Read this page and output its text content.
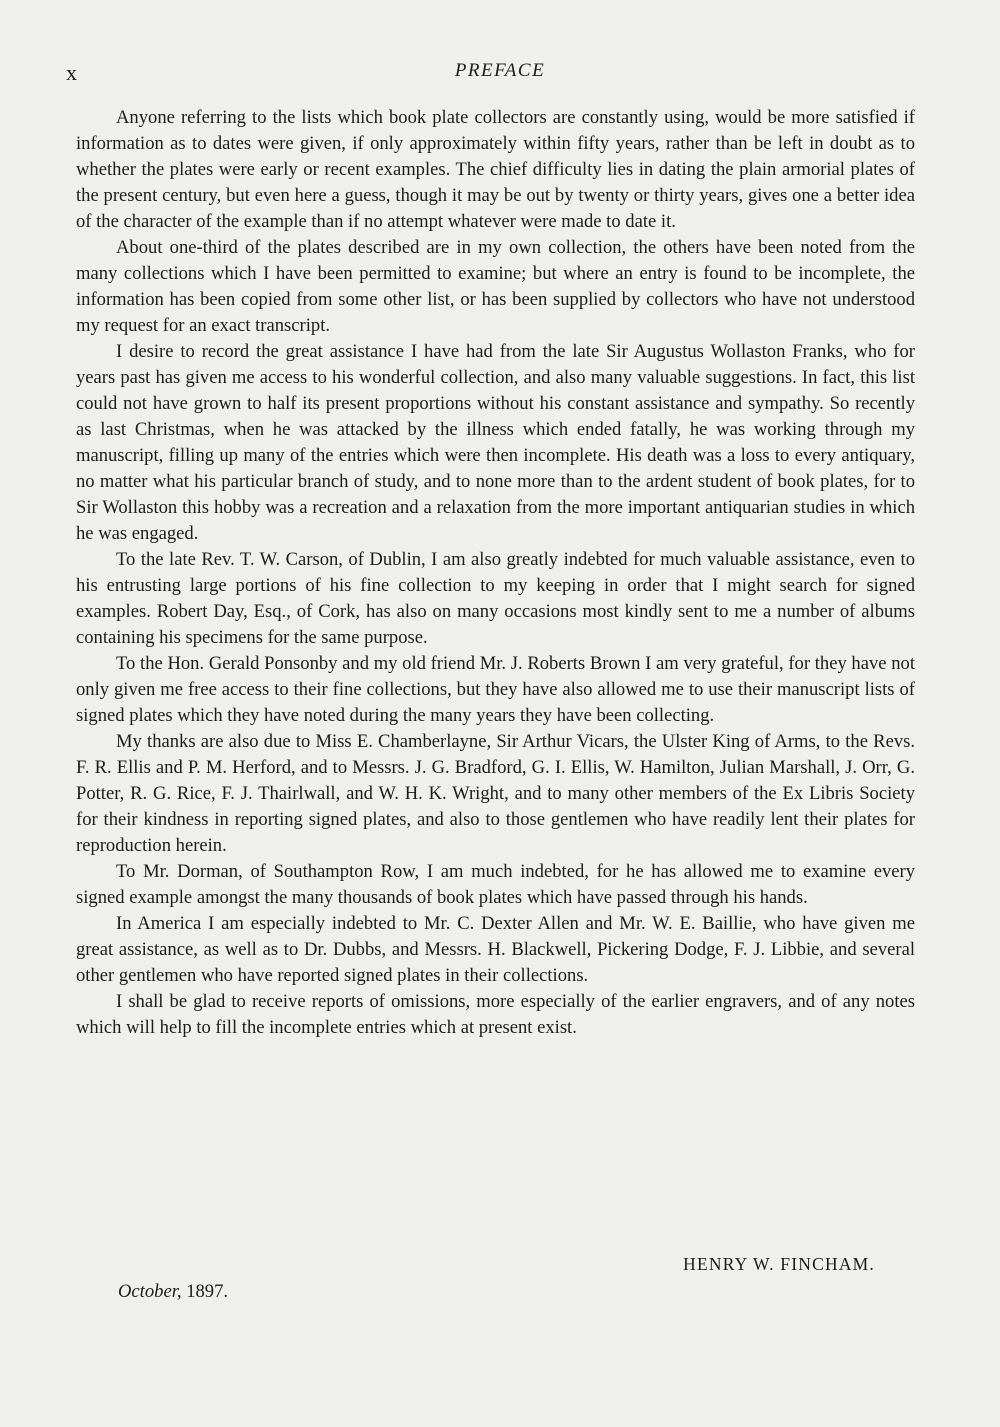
x	PREFACE

Anyone referring to the lists which book plate collectors are constantly using, would be more satisfied if information as to dates were given, if only approximately within fifty years, rather than be left in doubt as to whether the plates were early or recent examples. The chief difficulty lies in dating the plain armorial plates of the present century, but even here a guess, though it may be out by twenty or thirty years, gives one a better idea of the character of the example than if no attempt whatever were made to date it.

About one-third of the plates described are in my own collection, the others have been noted from the many collections which I have been permitted to examine; but where an entry is found to be incomplete, the information has been copied from some other list, or has been supplied by collectors who have not understood my request for an exact transcript.

I desire to record the great assistance I have had from the late Sir Augustus Wollaston Franks, who for years past has given me access to his wonderful collection, and also many valuable suggestions. In fact, this list could not have grown to half its present proportions without his constant assistance and sympathy. So recently as last Christmas, when he was attacked by the illness which ended fatally, he was working through my manuscript, filling up many of the entries which were then incomplete. His death was a loss to every antiquary, no matter what his particular branch of study, and to none more than to the ardent student of book plates, for to Sir Wollaston this hobby was a recreation and a relaxation from the more important antiquarian studies in which he was engaged.

To the late Rev. T. W. Carson, of Dublin, I am also greatly indebted for much valuable assistance, even to his entrusting large portions of his fine collection to my keeping in order that I might search for signed examples. Robert Day, Esq., of Cork, has also on many occasions most kindly sent to me a number of albums containing his specimens for the same purpose.

To the Hon. Gerald Ponsonby and my old friend Mr. J. Roberts Brown I am very grateful, for they have not only given me free access to their fine collections, but they have also allowed me to use their manuscript lists of signed plates which they have noted during the many years they have been collecting.

My thanks are also due to Miss E. Chamberlayne, Sir Arthur Vicars, the Ulster King of Arms, to the Revs. F. R. Ellis and P. M. Herford, and to Messrs. J. G. Bradford, G. I. Ellis, W. Hamilton, Julian Marshall, J. Orr, G. Potter, R. G. Rice, F. J. Thairlwall, and W. H. K. Wright, and to many other members of the Ex Libris Society for their kindness in reporting signed plates, and also to those gentlemen who have readily lent their plates for reproduction herein.

To Mr. Dorman, of Southampton Row, I am much indebted, for he has allowed me to examine every signed example amongst the many thousands of book plates which have passed through his hands.

In America I am especially indebted to Mr. C. Dexter Allen and Mr. W. E. Baillie, who have given me great assistance, as well as to Dr. Dubbs, and Messrs. H. Blackwell, Pickering Dodge, F. J. Libbie, and several other gentlemen who have reported signed plates in their collections.

I shall be glad to receive reports of omissions, more especially of the earlier engravers, and of any notes which will help to fill the incomplete entries which at present exist.

HENRY W. FINCHAM.
October, 1897.
